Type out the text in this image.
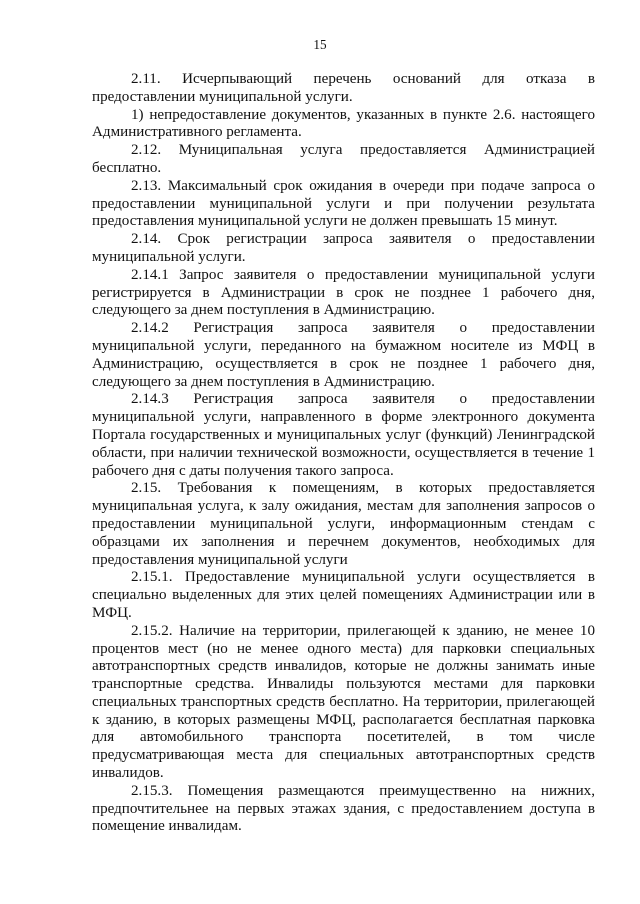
15

2.11. Исчерпывающий перечень оснований для отказа в предоставлении муниципальной услуги.

1) непредоставление документов, указанных в пункте 2.6. настоящего Административного регламента.

2.12. Муниципальная услуга предоставляется Администрацией бесплатно.

2.13. Максимальный срок ожидания в очереди при подаче запроса о предоставлении муниципальной услуги и при получении результата предоставления муниципальной услуги не должен превышать 15 минут.

2.14. Срок регистрации запроса заявителя о предоставлении муниципальной услуги.

2.14.1 Запрос заявителя о предоставлении муниципальной услуги регистрируется в Администрации в срок не позднее 1 рабочего дня, следующего за днем поступления в Администрацию.

2.14.2 Регистрация запроса заявителя о предоставлении муниципальной услуги, переданного на бумажном носителе из МФЦ в Администрацию, осуществляется в срок не позднее 1 рабочего дня, следующего за днем поступления в Администрацию.

2.14.3 Регистрация запроса заявителя о предоставлении муниципальной услуги, направленного в форме электронного документа Портала государственных и муниципальных услуг (функций) Ленинградской области, при наличии технической возможности, осуществляется в течение 1 рабочего дня с даты получения такого запроса.

2.15. Требования к помещениям, в которых предоставляется муниципальная услуга, к залу ожидания, местам для заполнения запросов о предоставлении муниципальной услуги, информационным стендам с образцами их заполнения и перечнем документов, необходимых для предоставления муниципальной услуги

2.15.1. Предоставление муниципальной услуги осуществляется в специально выделенных для этих целей помещениях Администрации или в МФЦ.

2.15.2. Наличие на территории, прилегающей к зданию, не менее 10 процентов мест (но не менее одного места) для парковки специальных автотранспортных средств инвалидов, которые не должны занимать иные транспортные средства. Инвалиды пользуются местами для парковки специальных транспортных средств бесплатно. На территории, прилегающей к зданию, в которых размещены МФЦ, располагается бесплатная парковка для автомобильного транспорта посетителей, в том числе предусматривающая места для специальных автотранспортных средств инвалидов.

2.15.3. Помещения размещаются преимущественно на нижних, предпочтительнее на первых этажах здания, с предоставлением доступа в помещение инвалидам.
